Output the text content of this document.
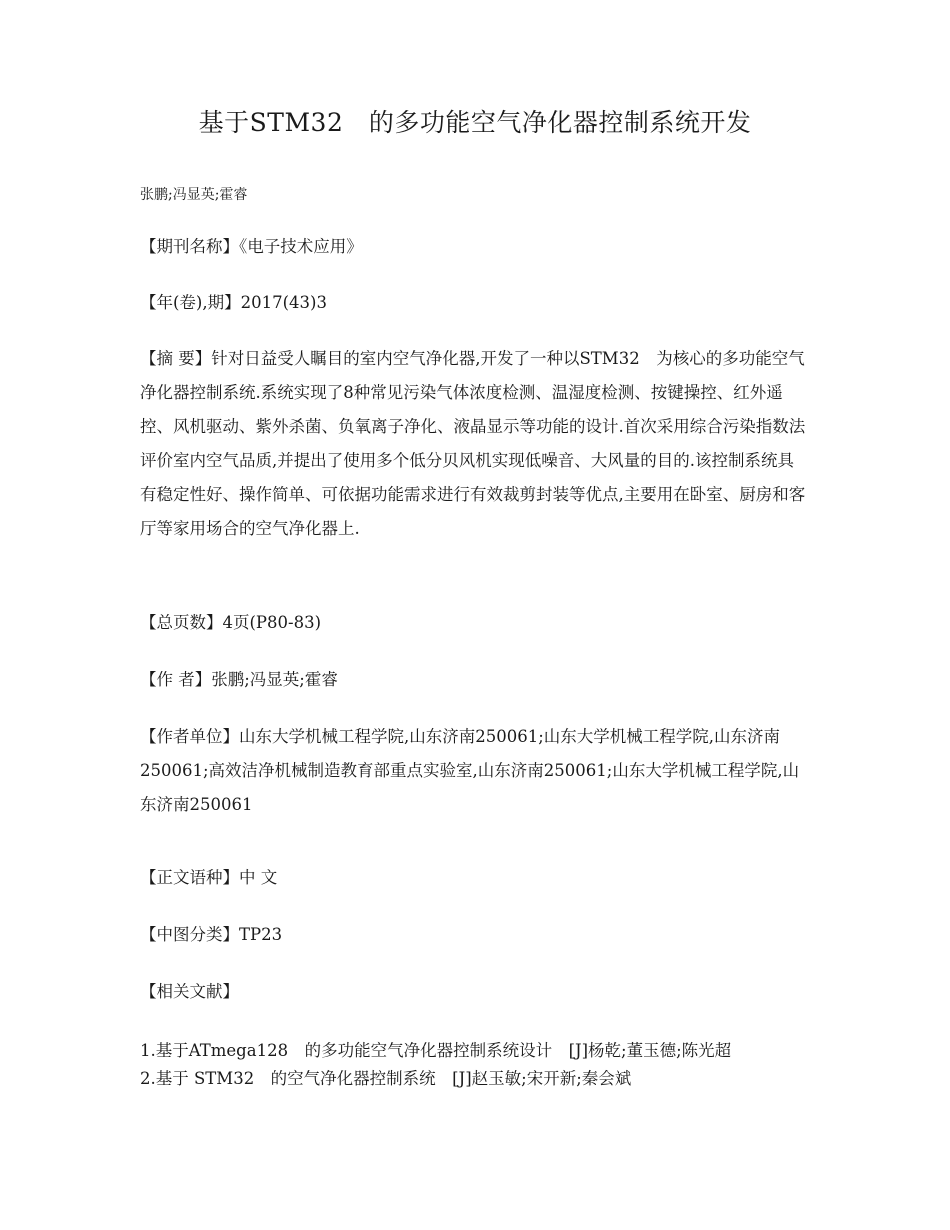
基于STM32　的多功能空气净化器控制系统开发
张鹏;冯显英;霍睿
【期刊名称】《电子技术应用》
【年(卷),期】2017(43)3
【摘 要】针对日益受人瞩目的室内空气净化器,开发了一种以STM32　为核心的多功能空气净化器控制系统.系统实现了8种常见污染气体浓度检测、温湿度检测、按键操控、红外遥控、风机驱动、紫外杀菌、负氧离子净化、液晶显示等功能的设计.首次采用综合污染指数法评价室内空气品质,并提出了使用多个低分贝风机实现低噪音、大风量的目的.该控制系统具有稳定性好、操作简单、可依据功能需求进行有效裁剪封装等优点,主要用在卧室、厨房和客厅等家用场合的空气净化器上.
【总页数】4页(P80-83)
【作 者】张鹏;冯显英;霍睿
【作者单位】山东大学机械工程学院,山东济南250061;山东大学机械工程学院,山东济南250061;高效洁净机械制造教育部重点实验室,山东济南250061;山东大学机械工程学院,山东济南250061
【正文语种】中 文
【中图分类】TP23
【相关文献】
1.基于ATmega128　的多功能空气净化器控制系统设计　[J]杨乾;董玉德;陈光超
2.基于 STM32　的空气净化器控制系统　[J]赵玉敏;宋开新;秦会斌
